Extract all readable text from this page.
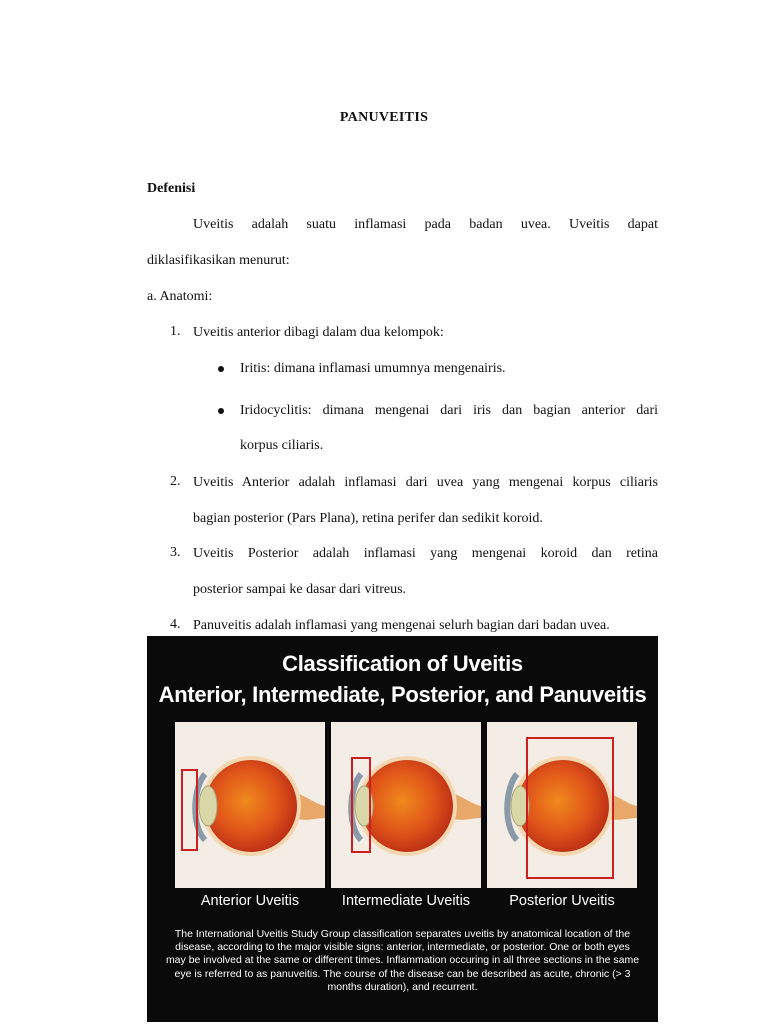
PANUVEITIS
Defenisi
Uveitis adalah suatu inflamasi pada badan uvea. Uveitis dapat
diklasifikasikan menurut:
a. Anatomi:
1. Uveitis anterior dibagi dalam dua kelompok:
Iritis: dimana inflamasi umumnya mengenairis.
Iridocyclitis: dimana mengenai dari iris dan bagian anterior dari
korpus ciliaris.
2. Uveitis Anterior adalah inflamasi dari uvea yang mengenai korpus ciliaris
bagian posterior (Pars Plana), retina perifer dan sedikit koroid.
3. Uveitis Posterior adalah inflamasi yang mengenai koroid dan retina
posterior sampai ke dasar dari vitreus.
4. Panuveitis adalah inflamasi yang mengenai selurh bagian dari badan uvea.
Classification of Uveitis
Anterior, Intermediate, Posterior, and Panuveitis
Anterior Uveitis	Intermediate Uveitis	Posterior Uveitis
The International Uveitis Study Group classification separates uveitis by anatomical location of the disease, according to the major visible signs: anterior, intermediate, or posterior. One or both eyes may be involved at the same or different times. Inflammation occuring in all three sections in the same eye is referred to as panuveitis. The course of the disease can be described as acute, chronic (> 3 months duration), and recurrent.
